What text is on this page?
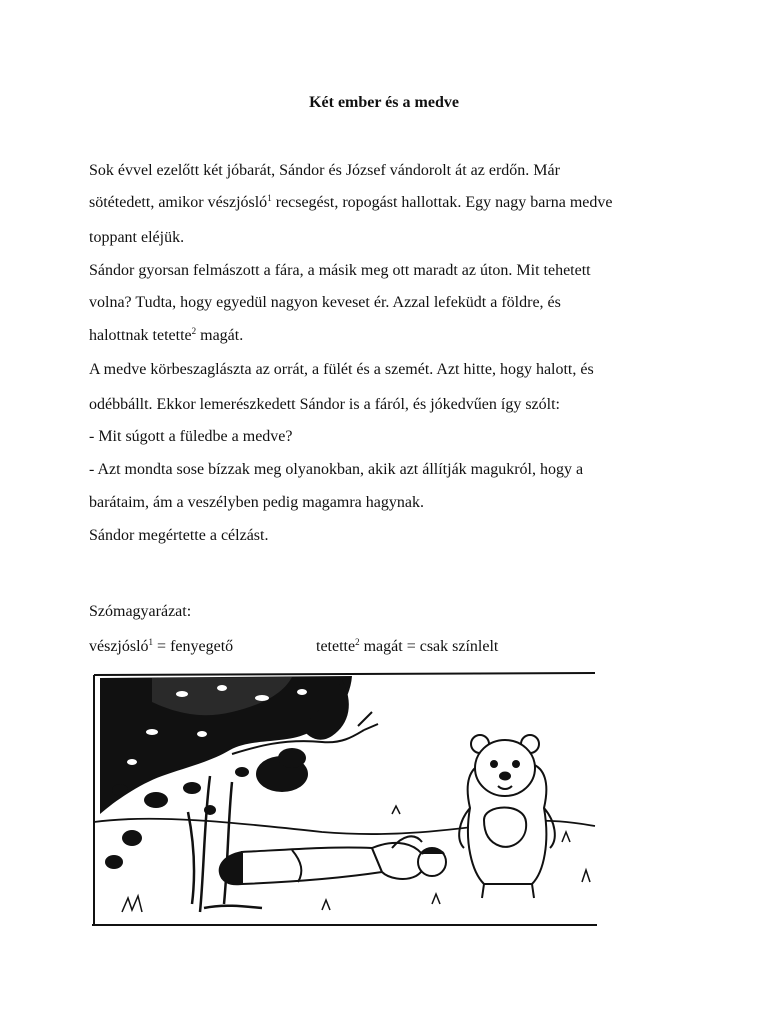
Két ember és a medve
Sok évvel ezelőtt két jóbarát, Sándor és József vándorolt át az erdőn. Már
sötétedett, amikor vészjósló$^1$ recsegést, ropogást hallottak. Egy nagy barna medve
toppant eléjük.
Sándor gyorsan felmászott a fára, a másik meg ott maradt az úton. Mit tehetett
volna? Tudta, hogy egyedül nagyon keveset ér. Azzal lefeküdt a földre, és
halottnak tetette$^2$ magát.
A medve körbeszaglászta az orrát, a fülét és a szemét. Azt hitte, hogy halott, és
odébbállt. Ekkor lemerészkedett Sándor is a fáról, és jókedvűen így szólt:
- Mit súgott a füledbe a medve?
- Azt mondta sose bízzak meg olyanokban, akik azt állítják magukról, hogy a
barátaim, ám a veszélyben pedig magamra hagynak.
Sándor megértette a célzást.
Szómagyarázat:
vészjósló$^1$ = fenyegető	tetette$^2$ magát = csak színlelt
